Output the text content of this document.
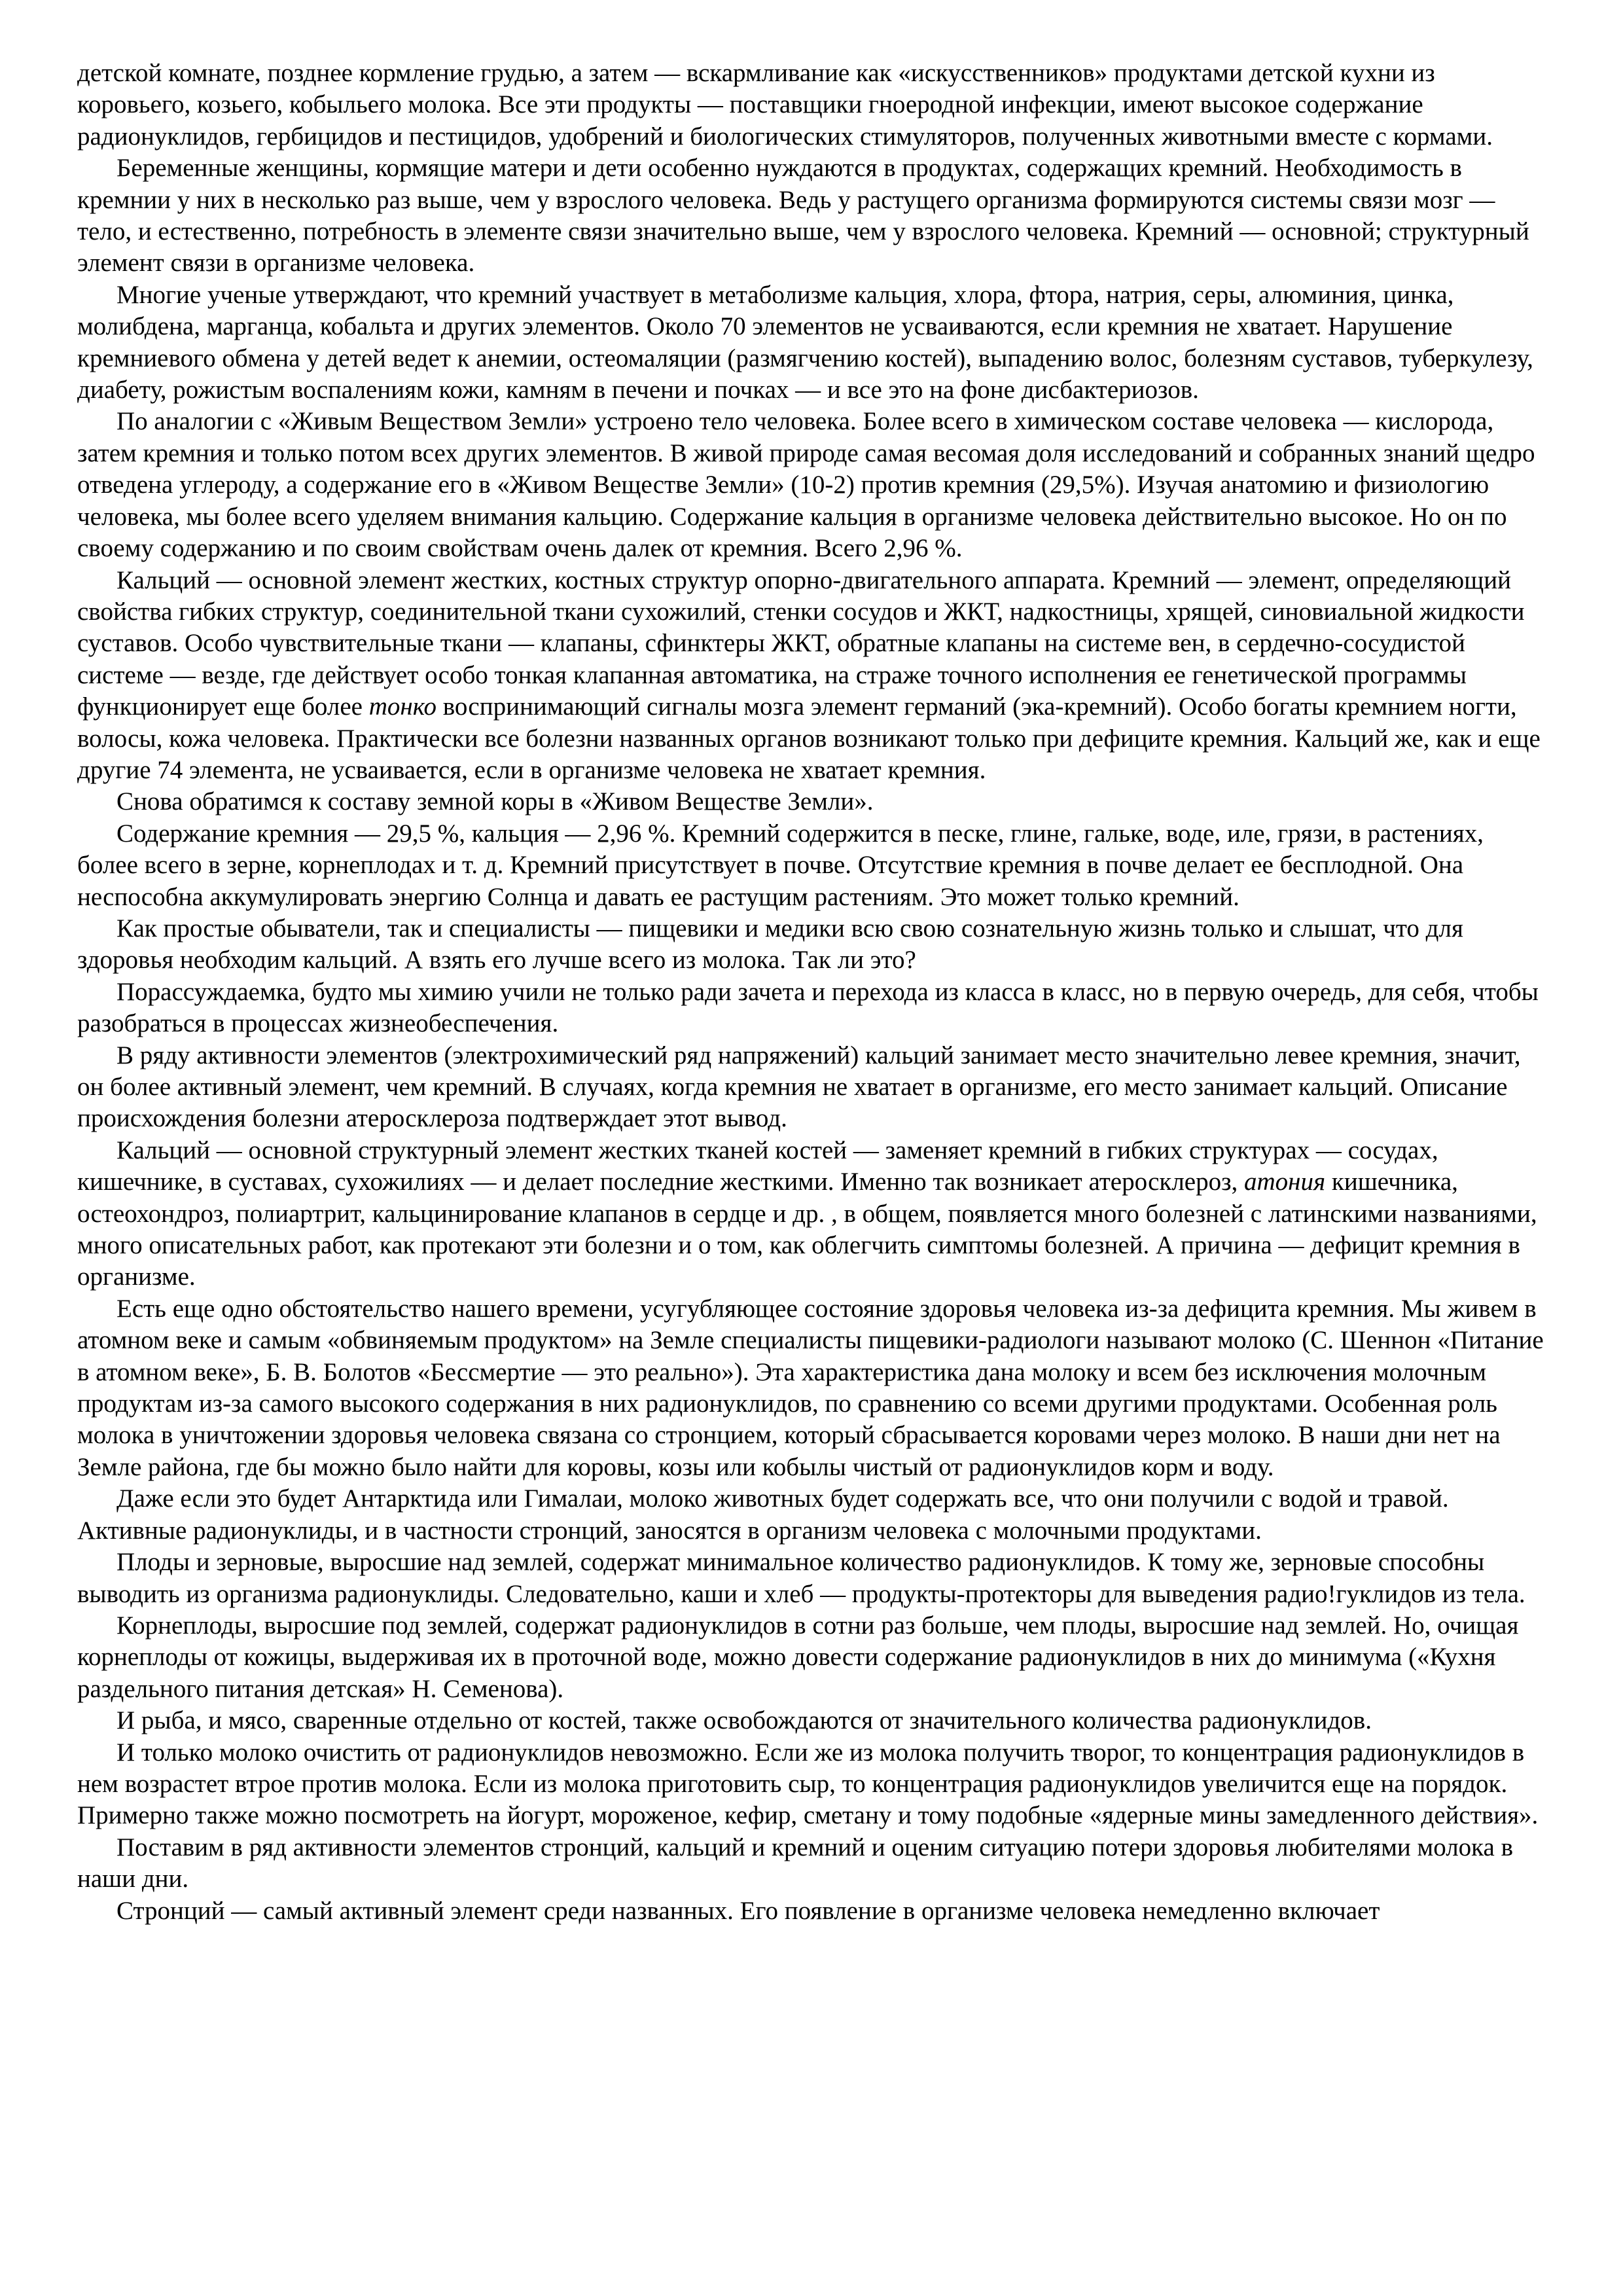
детской комнате, позднее кормление грудью, а затем — вскармливание как «искусственников» продуктами детской кухни из коровьего, козьего, кобыльего молока. Все эти продукты — поставщики гноеродной инфекции, имеют высокое содержание радионуклидов, гербицидов и пестицидов, удобрений и биологических стимуляторов, полученных животными вместе с кормами.

Беременные женщины, кормящие матери и дети особенно нуждаются в продуктах, содержащих кремний. Необходимость в кремнии у них в несколько раз выше, чем у взрослого человека. Ведь у растущего организма формируются системы связи мозг — тело, и естественно, потребность в элементе связи значительно выше, чем у взрослого человека. Кремний — основной; структурный элемент связи в организме человека.

Многие ученые утверждают, что кремний участвует в метаболизме кальция, хлора, фтора, натрия, серы, алюминия, цинка, молибдена, марганца, кобальта и других элементов. Около 70 элементов не усваиваются, если кремния не хватает. Нарушение кремниевого обмена у детей ведет к анемии, остеомаляции (размягчению костей), выпадению волос, болезням суставов, туберкулезу, диабету, рожистым воспалениям кожи, камням в печени и почках — и все это на фоне дисбактериозов.

По аналогии с «Живым Веществом Земли» устроено тело человека. Более всего в химическом составе человека — кислорода, затем кремния и только потом всех других элементов. В живой природе самая весомая доля исследований и собранных знаний щедро отведена углероду, а содержание его в «Живом Веществе Земли» (10-2) против кремния (29,5%). Изучая анатомию и физиологию человека, мы более всего уделяем внимания кальцию. Содержание кальция в организме человека действительно высокое. Но он по своему содержанию и по своим свойствам очень далек от кремния. Всего 2,96 %.

Кальций — основной элемент жестких, костных структур опорно-двигательного аппарата. Кремний — элемент, определяющий свойства гибких структур, соединительной ткани сухожилий, стенки сосудов и ЖКТ, надкостницы, хрящей, синовиальной жидкости суставов. Особо чувствительные ткани — клапаны, сфинктеры ЖКТ, обратные клапаны на системе вен, в сердечно-сосудистой системе — везде, где действует особо тонкая клапанная автоматика, на страже точного исполнения ее генетической программы функционирует еще более тонко воспринимающий сигналы мозга элемент германий (эка-кремний). Особо богаты кремнием ногти, волосы, кожа человека. Практически все болезни названных органов возникают только при дефиците кремния. Кальций же, как и еще другие 74 элемента, не усваивается, если в организме человека не хватает кремния.

Снова обратимся к составу земной коры в «Живом Веществе Земли».

Содержание кремния — 29,5 %, кальция — 2,96 %. Кремний содержится в песке, глине, гальке, воде, иле, грязи, в растениях, более всего в зерне, корнеплодах и т. д. Кремний присутствует в почве. Отсутствие кремния в почве делает ее бесплодной. Она неспособна аккумулировать энергию Солнца и давать ее растущим растениям. Это может только кремний.

Как простые обыватели, так и специалисты — пищевики и медики всю свою сознательную жизнь только и слышат, что для здоровья необходим кальций. А взять его лучше всего из молока. Так ли это?

Порассуждаемка, будто мы химию учили не только ради зачета и перехода из класса в класс, но в первую очередь, для себя, чтобы разобраться в процессах жизнеобеспечения.

В ряду активности элементов (электрохимический ряд напряжений) кальций занимает место значительно левее кремния, значит, он более активный элемент, чем кремний. В случаях, когда кремния не хватает в организме, его место занимает кальций. Описание происхождения болезни атеросклероза подтверждает этот вывод.

Кальций — основной структурный элемент жестких тканей костей — заменяет кремний в гибких структурах — сосудах, кишечнике, в суставах, сухожилиях — и делает последние жесткими. Именно так возникает атеросклероз, атония кишечника, остеохондроз, полиартрит, кальцинирование клапанов в сердце и др. , в общем, появляется много болезней с латинскими названиями, много описательных работ, как протекают эти болезни и о том, как облегчить симптомы болезней. А причина — дефицит кремния в организме.

Есть еще одно обстоятельство нашего времени, усугубляющее состояние здоровья человека из-за дефицита кремния. Мы живем в атомном веке и самым «обвиняемым продуктом» на Земле специалисты пищевики-радиологи называют молоко (С. Шеннон «Питание в атомном веке», Б. В. Болотов «Бессмертие — это реально»). Эта характеристика дана молоку и всем без исключения молочным продуктам из-за самого высокого содержания в них радионуклидов, по сравнению со всеми другими продуктами. Особенная роль молока в уничтожении здоровья человека связана со стронцием, который сбрасывается коровами через молоко. В наши дни нет на Земле района, где бы можно было найти для коровы, козы или кобылы чистый от радионуклидов корм и воду.

Даже если это будет Антарктида или Гималаи, молоко животных будет содержать все, что они получили с водой и травой. Активные радионуклиды, и в частности стронций, заносятся в организм человека с молочными продуктами.

Плоды и зерновые, выросшие над землей, содержат минимальное количество радионуклидов. К тому же, зерновые способны выводить из организма радионуклиды. Следовательно, каши и хлеб — продукты-протекторы для выведения радио!гуклидов из тела.

Корнеплоды, выросшие под землей, содержат радионуклидов в сотни раз больше, чем плоды, выросшие над землей. Но, очищая корнеплоды от кожицы, выдерживая их в проточной воде, можно довести содержание радионуклидов в них до минимума («Кухня раздельного питания детская» Н. Семенова).

И рыба, и мясо, сваренные отдельно от костей, также освобождаются от значительного количества радионуклидов.

И только молоко очистить от радионуклидов невозможно. Если же из молока получить творог, то концентрация радионуклидов в нем возрастет втрое против молока. Если из молока приготовить сыр, то концентрация радионуклидов увеличится еще на порядок. Примерно также можно посмотреть на йогурт, мороженое, кефир, сметану и тому подобные «ядерные мины замедленного действия».

Поставим в ряд активности элементов стронций, кальций и кремний и оценим ситуацию потери здоровья любителями молока в наши дни.

Стронций — самый активный элемент среди названных. Его появление в организме человека немедленно включает
